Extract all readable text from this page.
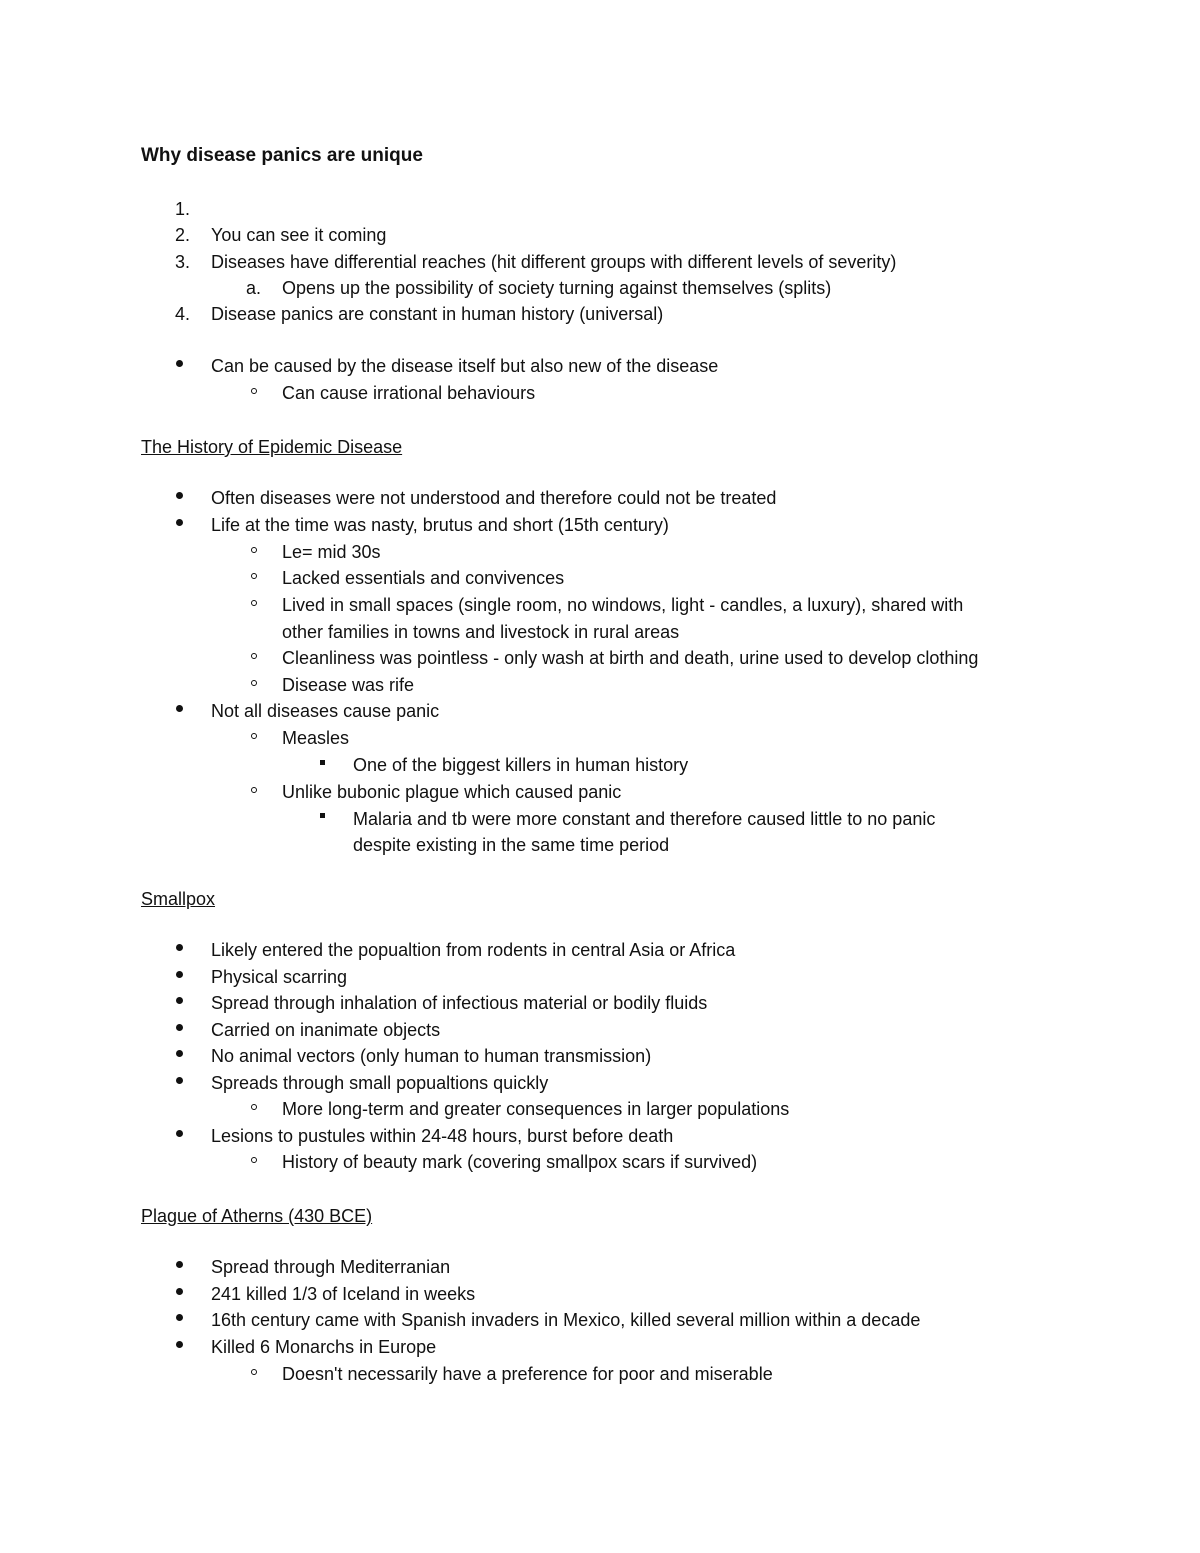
Why disease panics are unique
1.
2. You can see it coming
3. Diseases have differential reaches (hit different groups with different levels of severity)
a. Opens up the possibility of society turning against themselves (splits)
4. Disease panics are constant in human history (universal)
Can be caused by the disease itself but also new of the disease
Can cause irrational behaviours
The History of Epidemic Disease
Often diseases were not understood and therefore could not be treated
Life at the time was nasty, brutus and short (15th century)
Le= mid 30s
Lacked essentials and convivences
Lived in small spaces (single room, no windows, light - candles, a luxury), shared with
other families in towns and livestock in rural areas
Cleanliness was pointless - only wash at birth and death, urine used to develop clothing
Disease was rife
Not all diseases cause panic
Measles
One of the biggest killers in human history
Unlike bubonic plague which caused panic
Malaria and tb were more constant and therefore caused little to no panic
despite existing in the same time period
Smallpox
Likely entered the popualtion from rodents in central Asia or Africa
Physical scarring
Spread through inhalation of infectious material or bodily fluids
Carried on inanimate objects
No animal vectors (only human to human transmission)
Spreads through small popualtions quickly
More long-term and greater consequences in larger populations
Lesions to pustules within 24-48 hours, burst before death
History of beauty mark (covering smallpox scars if survived)
Plague of Atherns (430 BCE)
Spread through Mediterranian
241 killed 1/3 of Iceland in weeks
16th century came with Spanish invaders in Mexico, killed several million within a decade
Killed 6 Monarchs in Europe
Doesn't necessarily have a preference for poor and miserable
